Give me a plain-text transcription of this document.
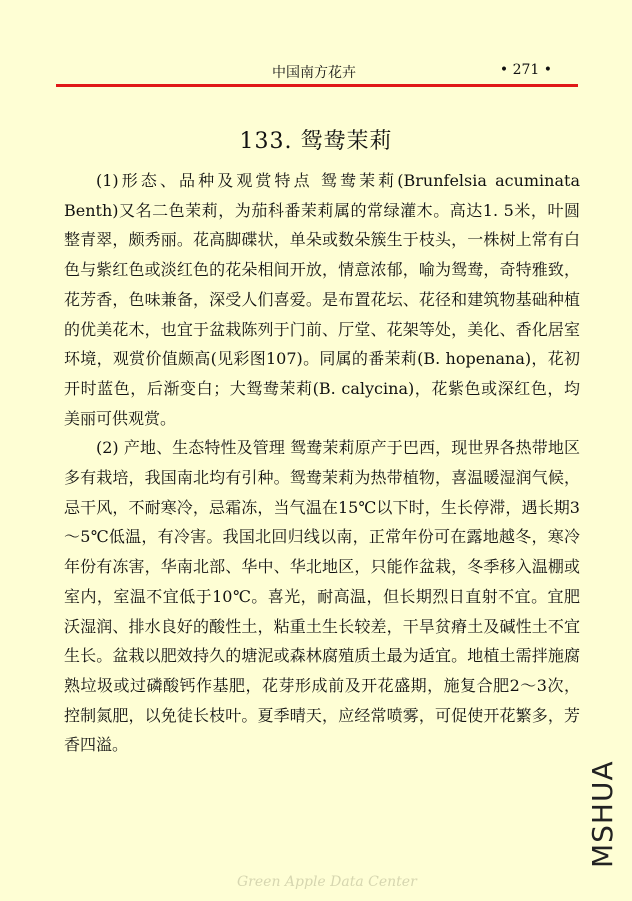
中国南方花卉	• 271 •
133. 鸳鸯茉莉

(1)形态、品种及观赏特点 鸳鸯茉莉(Brunfelsia acuminata Benth)又名二色茉莉，为茄科番茉莉属的常绿灌木。高达1. 5米，叶圆整青翠，颇秀丽。花高脚碟状，单朵或数朵簇生于枝头，一株树上常有白色与紫红色或淡红色的花朵相间开放，情意浓郁，喻为鸳鸯，奇特雅致，花芳香，色味兼备，深受人们喜爱。是布置花坛、花径和建筑物基础种植的优美花木，也宜于盆栽陈列于门前、厅堂、花架等处，美化、香化居室环境，观赏价值颇高(见彩图107)。同属的番茉莉(B. hopenana)，花初开时蓝色，后渐变白；大鸳鸯茉莉(B. calycina)，花紫色或深红色，均美丽可供观赏。

(2) 产地、生态特性及管理 鸳鸯茉莉原产于巴西，现世界各热带地区多有栽培，我国南北均有引种。鸳鸯茉莉为热带植物，喜温暖湿润气候，忌干风，不耐寒冷，忌霜冻，当气温在15℃以下时，生长停滞，遇长期3～5℃低温，有冷害。我国北回归线以南，正常年份可在露地越冬，寒冷年份有冻害，华南北部、华中、华北地区，只能作盆栽，冬季移入温棚或室内，室温不宜低于10℃。喜光，耐高温，但长期烈日直射不宜。宜肥沃湿润、排水良好的酸性土，粘重土生长较差，干旱贫瘠土及碱性土不宜生长。盆栽以肥效持久的塘泥或森林腐殖质土最为适宜。地植土需拌施腐熟垃圾或过磷酸钙作基肥，花芽形成前及开花盛期，施复合肥2～3次，控制氮肥，以免徒长枝叶。夏季晴天，应经常喷雾，可促使开花繁多，芳香四溢。

Green Apple Data Center
MSHUA
